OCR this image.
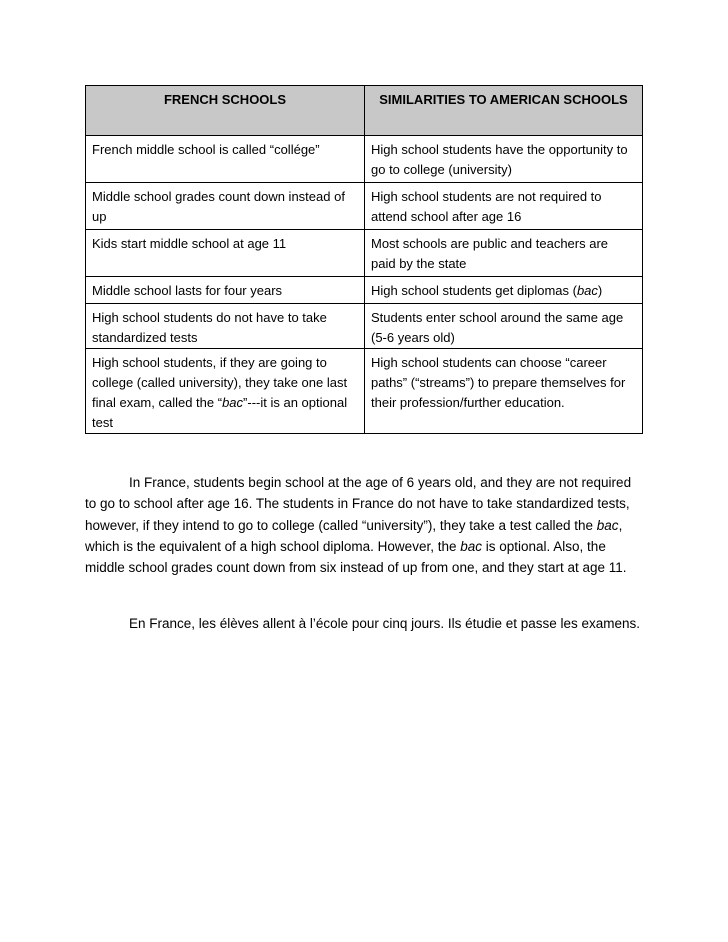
FRENCH SCHOOLS	SIMILARITIES TO AMERICAN SCHOOLS

French middle school is called “collége”	High school students have the opportunity to go to college (university)

Middle school grades count down instead of up	High school students are not required to attend school after age 16

Kids start middle school at age 11	Most schools are public and teachers are paid by the state

Middle school lasts for four years	High school students get diplomas (bac)

High school students do not have to take standardized tests	Students enter school around the same age (5-6 years old)

High school students, if they are going to college (called university), they take one last final exam, called the “bac”---it is an optional test	High school students can choose “career paths” (“streams”) to prepare themselves for their profession/further education.

In France, students begin school at the age of 6 years old, and they are not required to go to school after age 16. The students in France do not have to take standardized tests, however, if they intend to go to college (called “university”), they take a test called the bac, which is the equivalent of a high school diploma. However, the bac is optional. Also, the middle school grades count down from six instead of up from one, and they start at age 11.

En France, les élèves allent à l’école pour cinq jours. Ils étudie et passe les examens.
